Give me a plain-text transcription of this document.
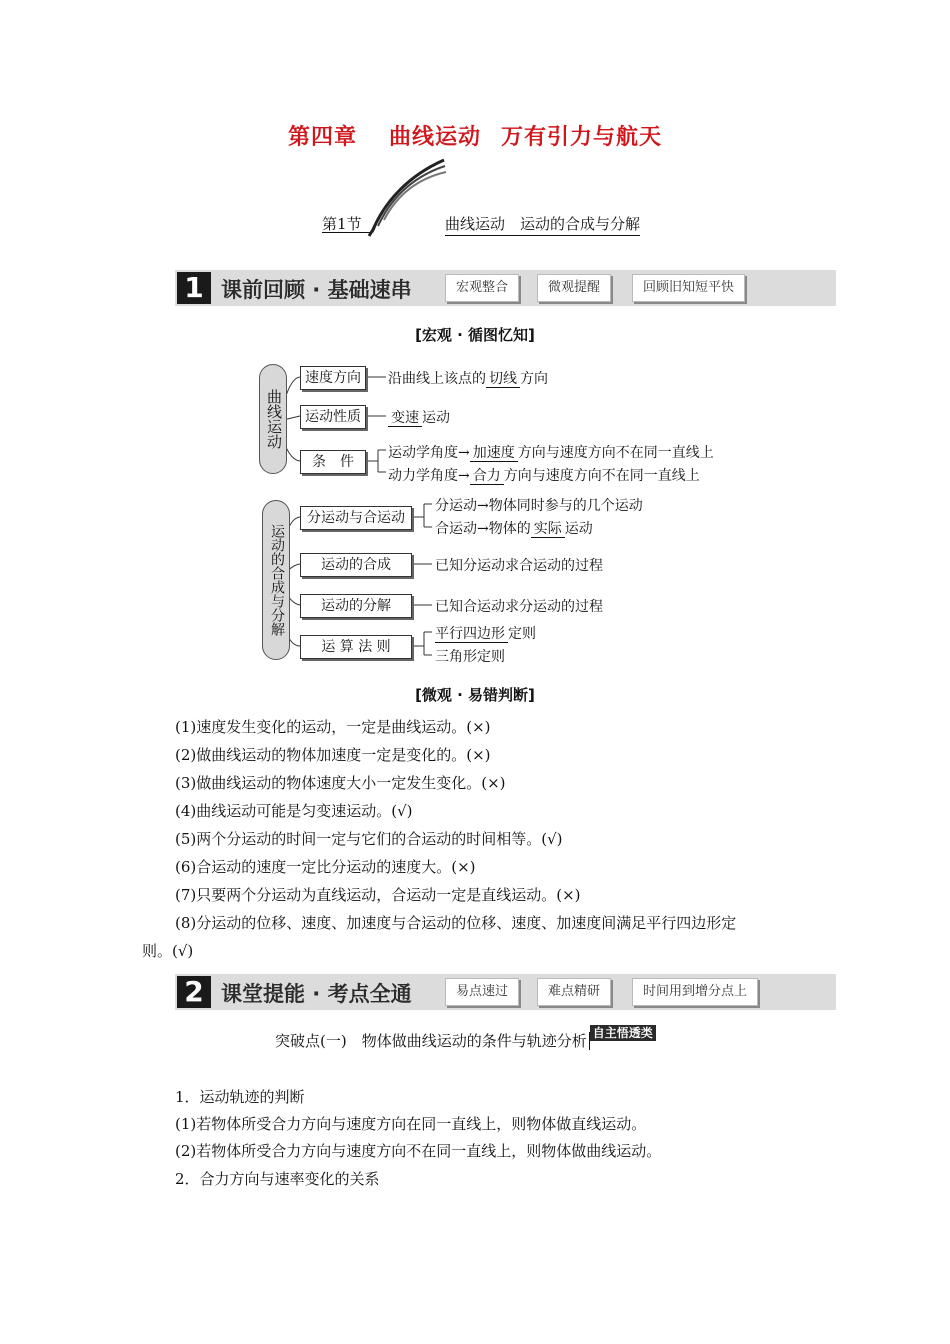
第四章 曲线运动 万有引力与航天
第1节	曲线运动　运动的合成与分解
1 课前回顾 · 基础速串	宏观整合	微观提醒	回顾旧知短平快
[宏观 · 循图忆知]
曲线运动
速度方向	沿曲线上该点的 切线 方向
运动性质	变速 运动
条　件
运动学角度→ 加速度 方向与速度方向不在同一直线上
动力学角度→ 合力 方向与速度方向不在同一直线上
运动的合成与分解
分运动与合运动
分运动→物体同时参与的几个运动
合运动→物体的 实际 运动
运动的合成	已知分运动求合运动的过程
运动的分解	已知合运动求分运动的过程
运 算 法 则
平行四边形 定则
三角形定则
[微观 · 易错判断]
(1)速度发生变化的运动，一定是曲线运动。(×)
(2)做曲线运动的物体加速度一定是变化的。(×)
(3)做曲线运动的物体速度大小一定发生变化。(×)
(4)曲线运动可能是匀变速运动。(√)
(5)两个分运动的时间一定与它们的合运动的时间相等。(√)
(6)合运动的速度一定比分运动的速度大。(×)
(7)只要两个分运动为直线运动，合运动一定是直线运动。(×)
(8)分运动的位移、速度、加速度与合运动的位移、速度、加速度间满足平行四边形定
则。(√)
2 课堂提能 · 考点全通	易点速过	难点精研	时间用到增分点上
突破点(一)　物体做曲线运动的条件与轨迹分析 $^{自主悟透类}$
1．运动轨迹的判断
(1)若物体所受合力方向与速度方向在同一直线上，则物体做直线运动。
(2)若物体所受合力方向与速度方向不在同一直线上，则物体做曲线运动。
2．合力方向与速率变化的关系
